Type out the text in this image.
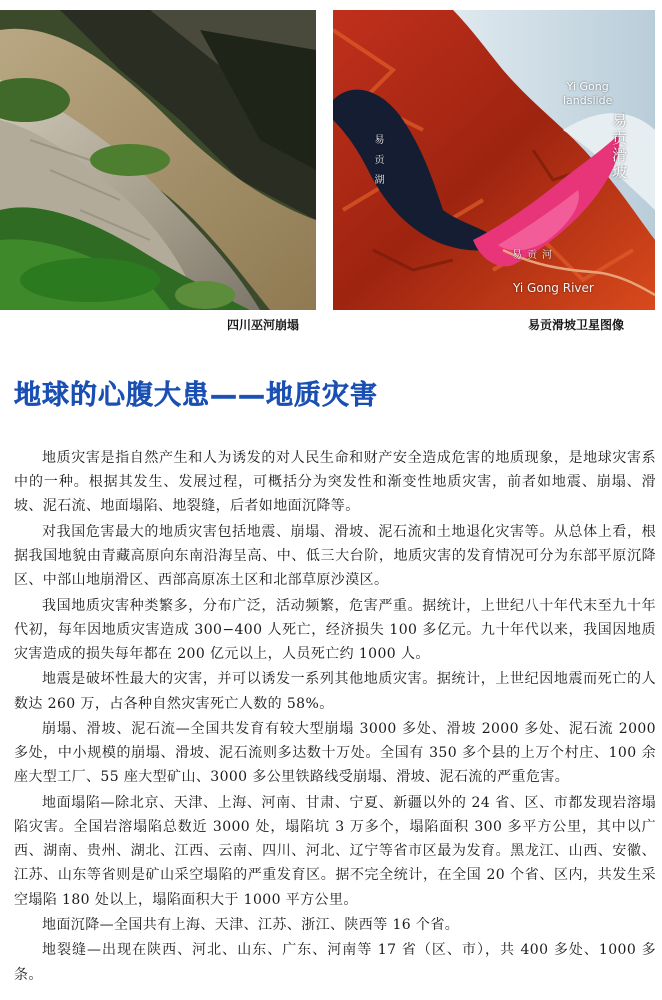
Yi Gong
landslide
易贡滑坡
易贡湖
易贡河
Yi Gong River
四川巫河崩塌	易贡滑坡卫星图像
地球的心腹大患——地质灾害

地质灾害是指自然产生和人为诱发的对人民生命和财产安全造成危害的地质现象，是地球灾害系中的一种。根据其发生、发展过程，可概括分为突发性和渐变性地质灾害，前者如地震、崩塌、滑坡、泥石流、地面塌陷、地裂缝，后者如地面沉降等。

对我国危害最大的地质灾害包括地震、崩塌、滑坡、泥石流和土地退化灾害等。从总体上看，根据我国地貌由青藏高原向东南沿海呈高、中、低三大台阶，地质灾害的发育情况可分为东部平原沉降区、中部山地崩滑区、西部高原冻土区和北部草原沙漠区。

我国地质灾害种类繁多，分布广泛，活动频繁，危害严重。据统计，上世纪八十年代末至九十年代初，每年因地质灾害造成 300−400 人死亡，经济损失 100 多亿元。九十年代以来，我国因地质灾害造成的损失每年都在 200 亿元以上，人员死亡约 1000 人。

地震是破坏性最大的灾害，并可以诱发一系列其他地质灾害。据统计，上世纪因地震而死亡的人数达 260 万，占各种自然灾害死亡人数的 58%。

崩塌、滑坡、泥石流—全国共发育有较大型崩塌 3000 多处、滑坡 2000 多处、泥石流 2000 多处，中小规模的崩塌、滑坡、泥石流则多达数十万处。全国有 350 多个县的上万个村庄、100 余座大型工厂、55 座大型矿山、3000 多公里铁路线受崩塌、滑坡、泥石流的严重危害。

地面塌陷—除北京、天津、上海、河南、甘肃、宁夏、新疆以外的 24 省、区、市都发现岩溶塌陷灾害。全国岩溶塌陷总数近 3000 处，塌陷坑 3 万多个，塌陷面积 300 多平方公里，其中以广西、湖南、贵州、湖北、江西、云南、四川、河北、辽宁等省市区最为发育。黑龙江、山西、安徽、江苏、山东等省则是矿山采空塌陷的严重发育区。据不完全统计，在全国 20 个省、区内，共发生采空塌陷 180 处以上，塌陷面积大于 1000 平方公里。

地面沉降—全国共有上海、天津、江苏、浙江、陕西等 16 个省。

地裂缝—出现在陕西、河北、山东、广东、河南等 17 省（区、市），共 400 多处、1000 多条。
